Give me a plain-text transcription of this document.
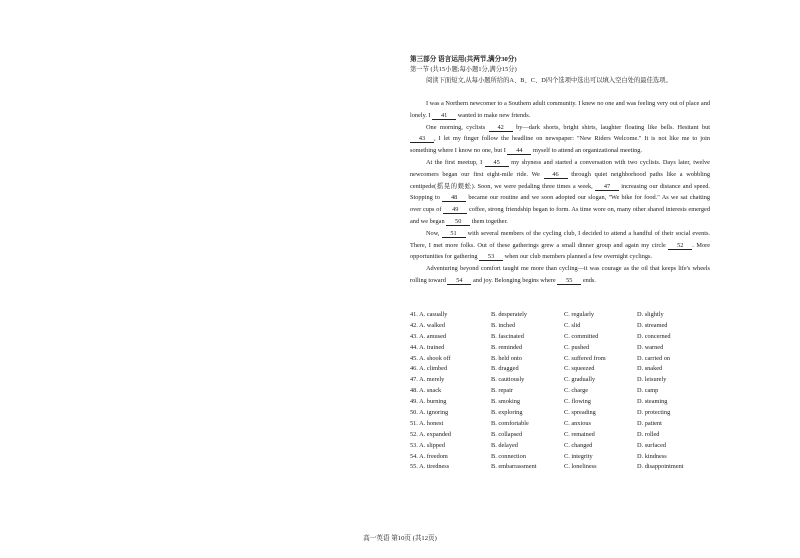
第三部分 语言运用(共两节,满分30分)
第一节 (共15小题;每小题1分,满分15分)
阅读下面短文,从每小题所给的A、B、C、D四个选项中选出可以填入空白处的最佳选项。

I was a Northern newcomer to a Southern adult community. I knew no one and was feeling very out of place and lonely. I 41 wanted to make new friends.

One morning, cyclists 42 by—dark shorts, bright shirts, laughter floating like bells. Hesitant but 43 , I let my finger follow the headline on newspaper: "New Riders Welcome." It is not like me to join something where I know no one, but I 44 myself to attend an organizational meeting.

At the first meetup, I 45 my shyness and started a conversation with two cyclists. Days later, twelve newcomers began our first eight-mile ride. We 46 through quiet neighborhood paths like a wobbling centipede(摇晃的蜈蚣). Soon, we were pedaling three times a week, 47 increasing our distance and speed. Stopping to 48 became our routine and we soon adopted our slogan, "We bike for food." As we sat chatting over cups of 49 coffee, strong friendship began to form. As time wore on, many other shared interests emerged and we began 50 them together.

Now, 51 with several members of the cycling club, I decided to attend a handful of their social events. There, I met more folks. Out of these gatherings grew a small dinner group and again my circle 52 . More opportunities for gathering 53 when our club members planned a few overnight cyclings.

Adventuring beyond comfort taught me more than cycling—it was courage as the oil that keeps life's wheels rolling toward 54 and joy. Belonging begins where 55 ends.

41. A. casually	B. desperately	C. regularly	D. slightly
42. A. walked	B. inched	C. slid	D. streamed
43. A. amused	B. fascinated	C. committed	D. concerned
44. A. trained	B. reminded	C. pushed	D. warned
45. A. shook off	B. held onto	C. suffered from	D. carried on
46. A. climbed	B. dragged	C. squeezed	D. snaked
47. A. merely	B. cautiously	C. gradually	D. leisurely
48. A. snack	B. repair	C. charge	D. camp
49. A. burning	B. smoking	C. flowing	D. steaming
50. A. ignoring	B. exploring	C. spreading	D. protecting
51. A. honest	B. comfortable	C. anxious	D. patient
52. A. expanded	B. collapsed	C. remained	D. rolled
53. A. slipped	B. delayed	C. changed	D. surfaced
54. A. freedom	B. connection	C. integrity	D. kindness
55. A. tiredness	B. embarrassment	C. loneliness	D. disappointment
高一英语 第10页 (共12页)
